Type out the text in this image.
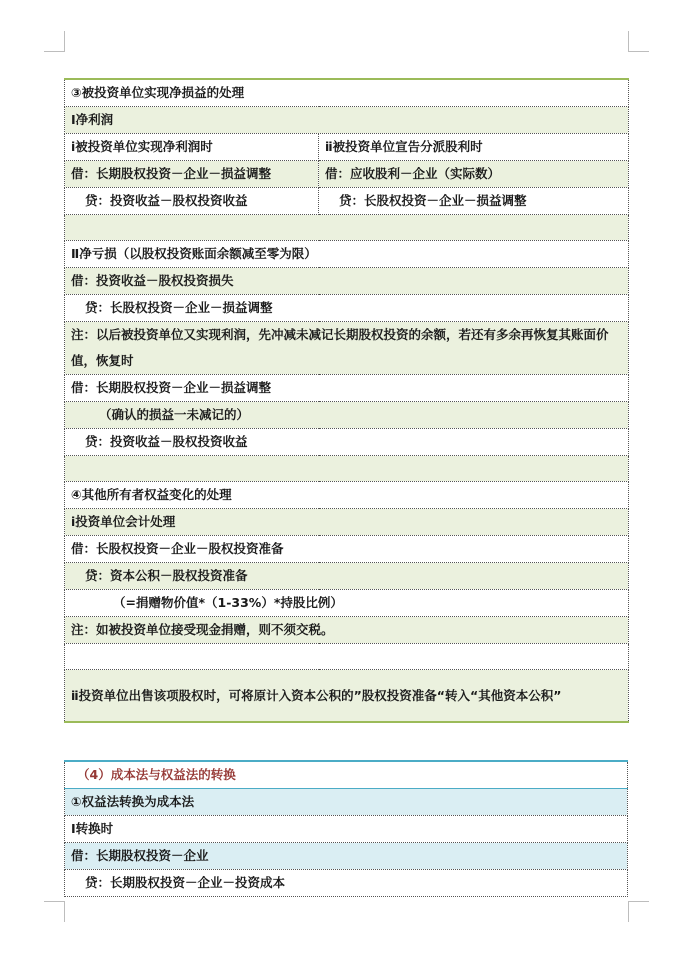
③被投资单位实现净损益的处理	
Ⅰ净利润	
ⅰ被投资单位实现净利润时	ⅱ被投资单位宣告分派股利时
借：长期股权投资－企业－损益调整	借：应收股利－企业（实际数）
贷：投资收益－股权投资收益	贷：长股权投资－企业－损益调整

Ⅱ净亏损（以股权投资账面余额减至零为限）	
借：投资收益－股权投资损失	
贷：长股权投资－企业－损益调整	
注：以后被投资单位又实现利润，先冲减未减记长期股权投资的余额，若还有多余再恢复其账面价值，恢复时	
借：长期股权投资－企业－损益调整	
（确认的损益一未减记的）	
贷：投资收益－股权投资收益	

④其他所有者权益变化的处理	
ⅰ投资单位会计处理	
借：长股权投资－企业－股权投资准备	
贷：资本公积－股权投资准备	
（=捐赠物价值*（1-33%）*持股比例）	
注：如被投资单位接受现金捐赠，则不须交税。	

ⅱ投资单位出售该项股权时，可将原计入资本公积的”股权投资准备“转入“其他资本公积”	
（4）成本法与权益法的转换
①权益法转换为成本法
Ⅰ转换时
借：长期股权投资－企业
贷：长期股权投资－企业－投资成本
